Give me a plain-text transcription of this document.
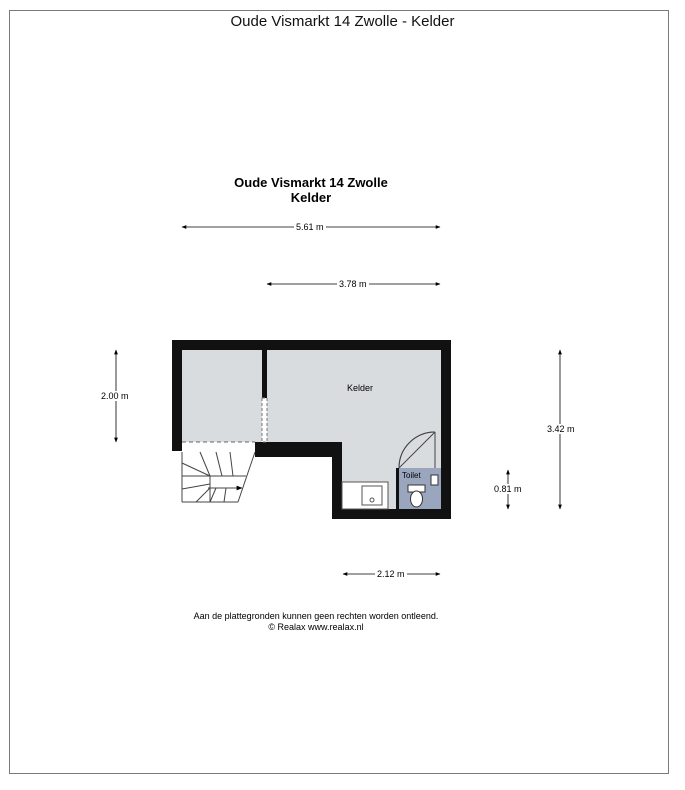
Oude Vismarkt 14 Zwolle - Kelder
Oude Vismarkt 14 Zwolle
Kelder
Kelder
Toilet
5.61 m
3.78 m
2.00 m
3.42 m
0.81 m
2.12 m
Aan de plattegronden kunnen geen rechten worden ontleend.
© Realax www.realax.nl
